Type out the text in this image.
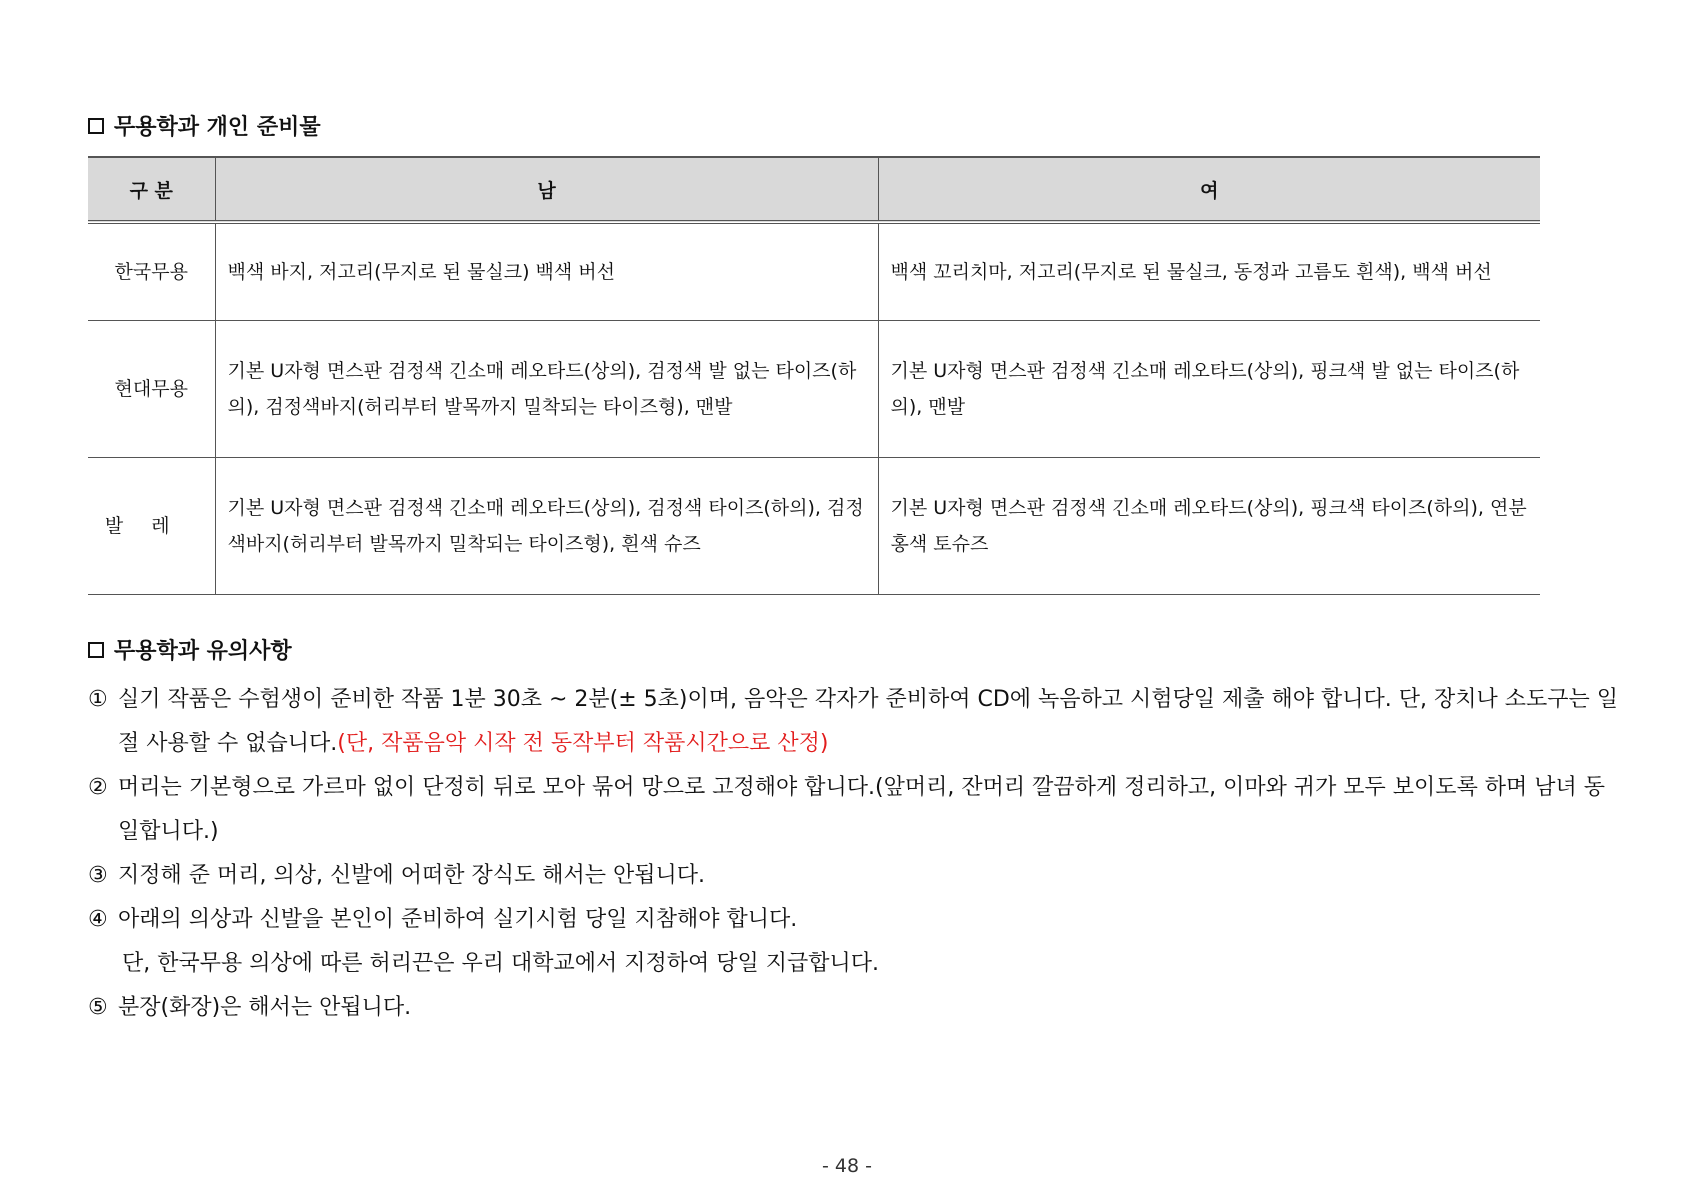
무용학과 개인 준비물
구 분	남	여
한국무용	백색 바지, 저고리(무지로 된 물실크) 백색 버선	백색 꼬리치마, 저고리(무지로 된 물실크, 동정과 고름도 흰색), 백색 버선
현대무용	기본 U자형 면스판 검정색 긴소매 레오타드(상의), 검정색 발 없는 타이즈(하의), 검정색바지(허리부터 발목까지 밀착되는 타이즈형), 맨발	기본 U자형 면스판 검정색 긴소매 레오타드(상의), 핑크색 발 없는 타이즈(하의), 맨발
발레	기본 U자형 면스판 검정색 긴소매 레오타드(상의), 검정색 타이즈(하의), 검정색바지(허리부터 발목까지 밀착되는 타이즈형), 흰색 슈즈	기본 U자형 면스판 검정색 긴소매 레오타드(상의), 핑크색 타이즈(하의), 연분홍색 토슈즈
무용학과 유의사항
① 실기 작품은 수험생이 준비한 작품 1분 30초 ~ 2분(± 5초)이며, 음악은 각자가 준비하여 CD에 녹음하고 시험당일 제출 해야 합니다. 단, 장치나 소도구는 일절 사용할 수 없습니다.(단, 작품음악 시작 전 동작부터 작품시간으로 산정)
② 머리는 기본형으로 가르마 없이 단정히 뒤로 모아 묶어 망으로 고정해야 합니다.(앞머리, 잔머리 깔끔하게 정리하고, 이마와 귀가 모두 보이도록 하며 남녀 동일합니다.)
③ 지정해 준 머리, 의상, 신발에 어떠한 장식도 해서는 안됩니다.
④ 아래의 의상과 신발을 본인이 준비하여 실기시험 당일 지참해야 합니다.
단, 한국무용 의상에 따른 허리끈은 우리 대학교에서 지정하여 당일 지급합니다.
⑤ 분장(화장)은 해서는 안됩니다.
- 48 -
